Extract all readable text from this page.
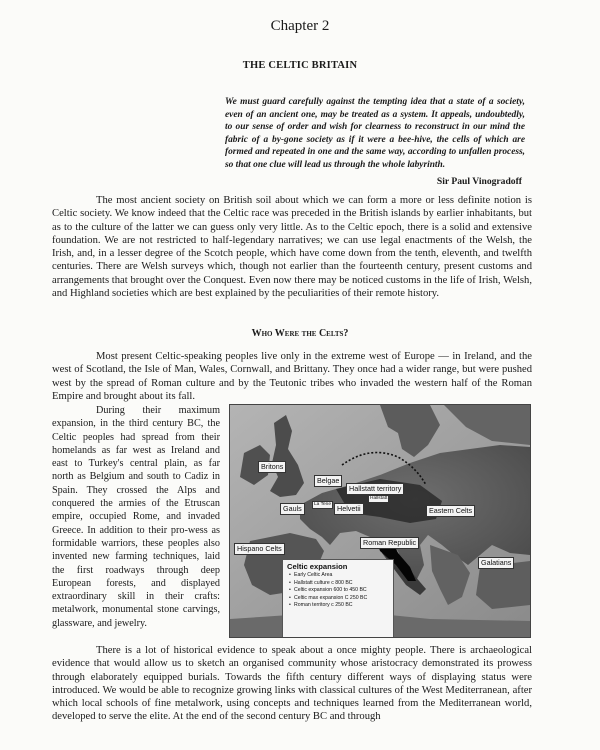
Chapter 2
THE CELTIC BRITAIN
We must guard carefully against the tempting idea that a state of a society, even of an ancient one, may be treated as a system. It appeals, undoubtedly, to our sense of order and wish for clearness to reconstruct in our mind the fabric of a by-gone society as if it were a bee-hive, the cells of which are formed and repeated in one and the same way, according to unfallen process, so that one clue will lead us through the whole labyrinth.
Sir Paul Vinogradoff

The most ancient society on British soil about which we can form a more or less definite notion is Celtic society. We know indeed that the Celtic race was preceded in the British islands by earlier inhabitants, but as to the culture of the latter we can guess only very little. As to the Celtic epoch, there is a solid and extensive foundation. We are not restricted to half-legendary narratives; we can use legal enactments of the Welsh, the Irish, and, in a lesser degree of the Scotch people, which have come down from the tenth, eleventh, and twelfth centuries. There are Welsh surveys which, though not earlier than the fourteenth century, present customs and arrangements that brought over the Conquest. Even now there may be noticed customs in the life of Irish, Welsh, and Highland societies which are best explained by the peculiarities of their remote history.

Who Were the Celts?

Most present Celtic-speaking peoples live only in the extreme west of Europe — in Ireland, and the west of Scotland, the Isle of Man, Wales, Cornwall, and Brittany. They once had a wider range, but were pushed west by the spread of Roman culture and by the Teutonic tribes who invaded the western half of the Roman Empire and brought about its fall.

During their maximum expansion, in the third century BC, the Celtic peoples had spread from their homelands as far west as Ireland and east to Turkey's central plain, as far north as Belgium and south to Cadiz in Spain. They crossed the Alps and conquered the armies of the Etruscan empire, occupied Rome, and invaded Greece. In addition to their pro-wess as formidable warriors, these peoples also invented new farming techniques, laid the first roadways through deep European forests, and displayed extraordinary skill in their crafts: metalwork, monumental stone carvings, glassware, and jewelry.

Britons
Belgae
Hallstatt territory
Hallstatt
La Tene
Gauls	Helvetii	Eastern Celts
Roman Republic
Hispano Celts
Galatians
Celtic expansion
• Early Celtic Area
• Hallstatt culture c 800 BC
• Celtic expansion 600 to 450 BC
• Celtic max expansion C 250 BC
• Roman territory c 250 BC

There is a lot of historical evidence to speak about a once mighty people. There is archaeological evidence that would allow us to sketch an organised community whose aristocracy demonstrated its prowess through elaborately equipped burials. Towards the fifth century different ways of displaying status were introduced. We would be able to recognize growing links with classical cultures of the West Mediterranean, after which local schools of fine metalwork, using concepts and techniques learned from the Mediterranean world, developed to serve the elite. At the end of the second century BC and through
